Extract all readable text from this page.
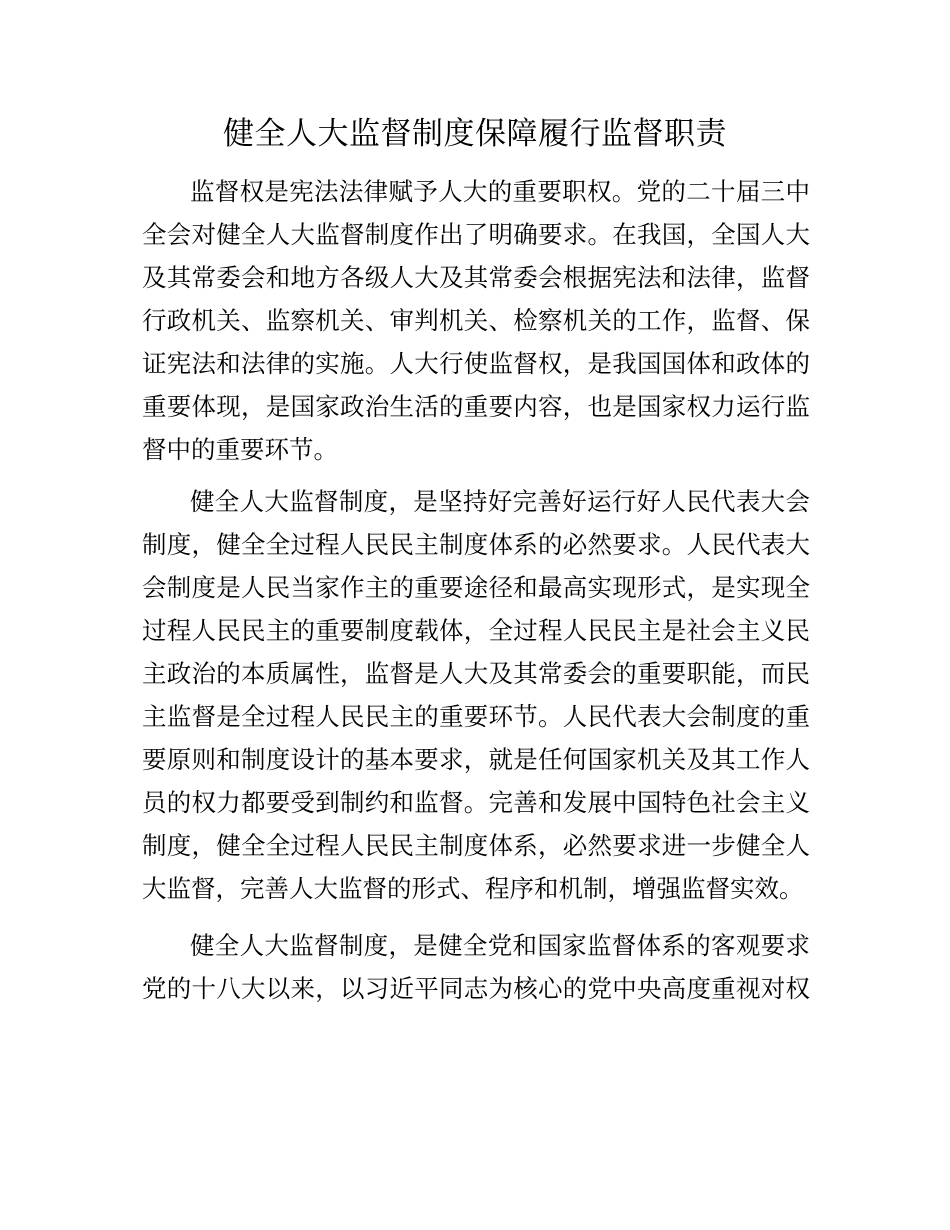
健全人大监督制度保障履行监督职责
监督权是宪法法律赋予人大的重要职权。党的二十届三中
全会对健全人大监督制度作出了明确要求。在我国，全国人大
及其常委会和地方各级人大及其常委会根据宪法和法律，监督
行政机关、监察机关、审判机关、检察机关的工作，监督、保
证宪法和法律的实施。人大行使监督权，是我国国体和政体的
重要体现，是国家政治生活的重要内容，也是国家权力运行监
督中的重要环节。
健全人大监督制度，是坚持好完善好运行好人民代表大会
制度，健全全过程人民民主制度体系的必然要求。人民代表大
会制度是人民当家作主的重要途径和最高实现形式，是实现全
过程人民民主的重要制度载体，全过程人民民主是社会主义民
主政治的本质属性，监督是人大及其常委会的重要职能，而民
主监督是全过程人民民主的重要环节。人民代表大会制度的重
要原则和制度设计的基本要求，就是任何国家机关及其工作人
员的权力都要受到制约和监督。完善和发展中国特色社会主义
制度，健全全过程人民民主制度体系，必然要求进一步健全人
大监督，完善人大监督的形式、程序和机制，增强监督实效。
健全人大监督制度，是健全党和国家监督体系的客观要求
党的十八大以来，以习近平同志为核心的党中央高度重视对权
